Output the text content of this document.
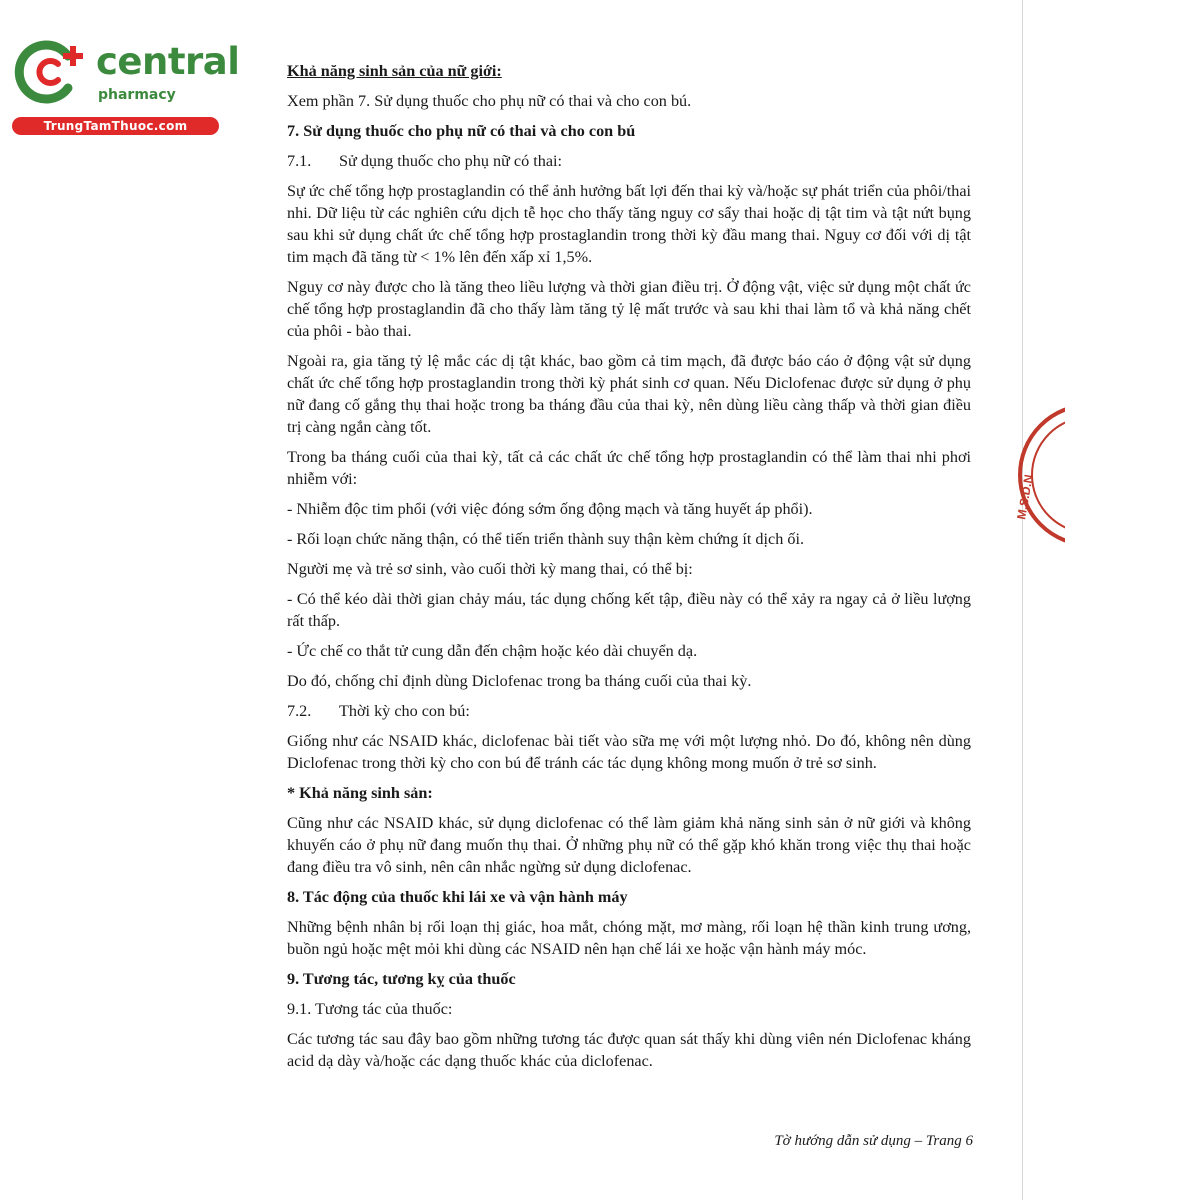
central
pharmacy
TrungTamThuoc.com
M.S.D.N

Khả năng sinh sản của nữ giới:

Xem phần 7. Sử dụng thuốc cho phụ nữ có thai và cho con bú.

7. Sử dụng thuốc cho phụ nữ có thai và cho con bú

7.1. Sử dụng thuốc cho phụ nữ có thai:

Sự ức chế tổng hợp prostaglandin có thể ảnh hưởng bất lợi đến thai kỳ và/hoặc sự phát triển của phôi/thai nhi. Dữ liệu từ các nghiên cứu dịch tễ học cho thấy tăng nguy cơ sẩy thai hoặc dị tật tim và tật nứt bụng sau khi sử dụng chất ức chế tổng hợp prostaglandin trong thời kỳ đầu mang thai. Nguy cơ đối với dị tật tim mạch đã tăng từ < 1% lên đến xấp xỉ 1,5%.

Nguy cơ này được cho là tăng theo liều lượng và thời gian điều trị. Ở động vật, việc sử dụng một chất ức chế tổng hợp prostaglandin đã cho thấy làm tăng tỷ lệ mất trước và sau khi thai làm tổ và khả năng chết của phôi - bào thai.

Ngoài ra, gia tăng tỷ lệ mắc các dị tật khác, bao gồm cả tim mạch, đã được báo cáo ở động vật sử dụng chất ức chế tổng hợp prostaglandin trong thời kỳ phát sinh cơ quan. Nếu Diclofenac được sử dụng ở phụ nữ đang cố gắng thụ thai hoặc trong ba tháng đầu của thai kỳ, nên dùng liều càng thấp và thời gian điều trị càng ngắn càng tốt.

Trong ba tháng cuối của thai kỳ, tất cả các chất ức chế tổng hợp prostaglandin có thể làm thai nhi phơi nhiễm với:

- Nhiễm độc tim phổi (với việc đóng sớm ống động mạch và tăng huyết áp phổi).

- Rối loạn chức năng thận, có thể tiến triển thành suy thận kèm chứng ít dịch ối.

Người mẹ và trẻ sơ sinh, vào cuối thời kỳ mang thai, có thể bị:

- Có thể kéo dài thời gian chảy máu, tác dụng chống kết tập, điều này có thể xảy ra ngay cả ở liều lượng rất thấp.

- Ức chế co thắt tử cung dẫn đến chậm hoặc kéo dài chuyển dạ.

Do đó, chống chỉ định dùng Diclofenac trong ba tháng cuối của thai kỳ.

7.2. Thời kỳ cho con bú:

Giống như các NSAID khác, diclofenac bài tiết vào sữa mẹ với một lượng nhỏ. Do đó, không nên dùng Diclofenac trong thời kỳ cho con bú để tránh các tác dụng không mong muốn ở trẻ sơ sinh.

* Khả năng sinh sản:

Cũng như các NSAID khác, sử dụng diclofenac có thể làm giảm khả năng sinh sản ở nữ giới và không khuyến cáo ở phụ nữ đang muốn thụ thai. Ở những phụ nữ có thể gặp khó khăn trong việc thụ thai hoặc đang điều tra vô sinh, nên cân nhắc ngừng sử dụng diclofenac.

8. Tác động của thuốc khi lái xe và vận hành máy

Những bệnh nhân bị rối loạn thị giác, hoa mắt, chóng mặt, mơ màng, rối loạn hệ thần kinh trung ương, buồn ngủ hoặc mệt mỏi khi dùng các NSAID nên hạn chế lái xe hoặc vận hành máy móc.

9. Tương tác, tương kỵ của thuốc

9.1. Tương tác của thuốc:

Các tương tác sau đây bao gồm những tương tác được quan sát thấy khi dùng viên nén Diclofenac kháng acid dạ dày và/hoặc các dạng thuốc khác của diclofenac.

Tờ hướng dẫn sử dụng – Trang 6
